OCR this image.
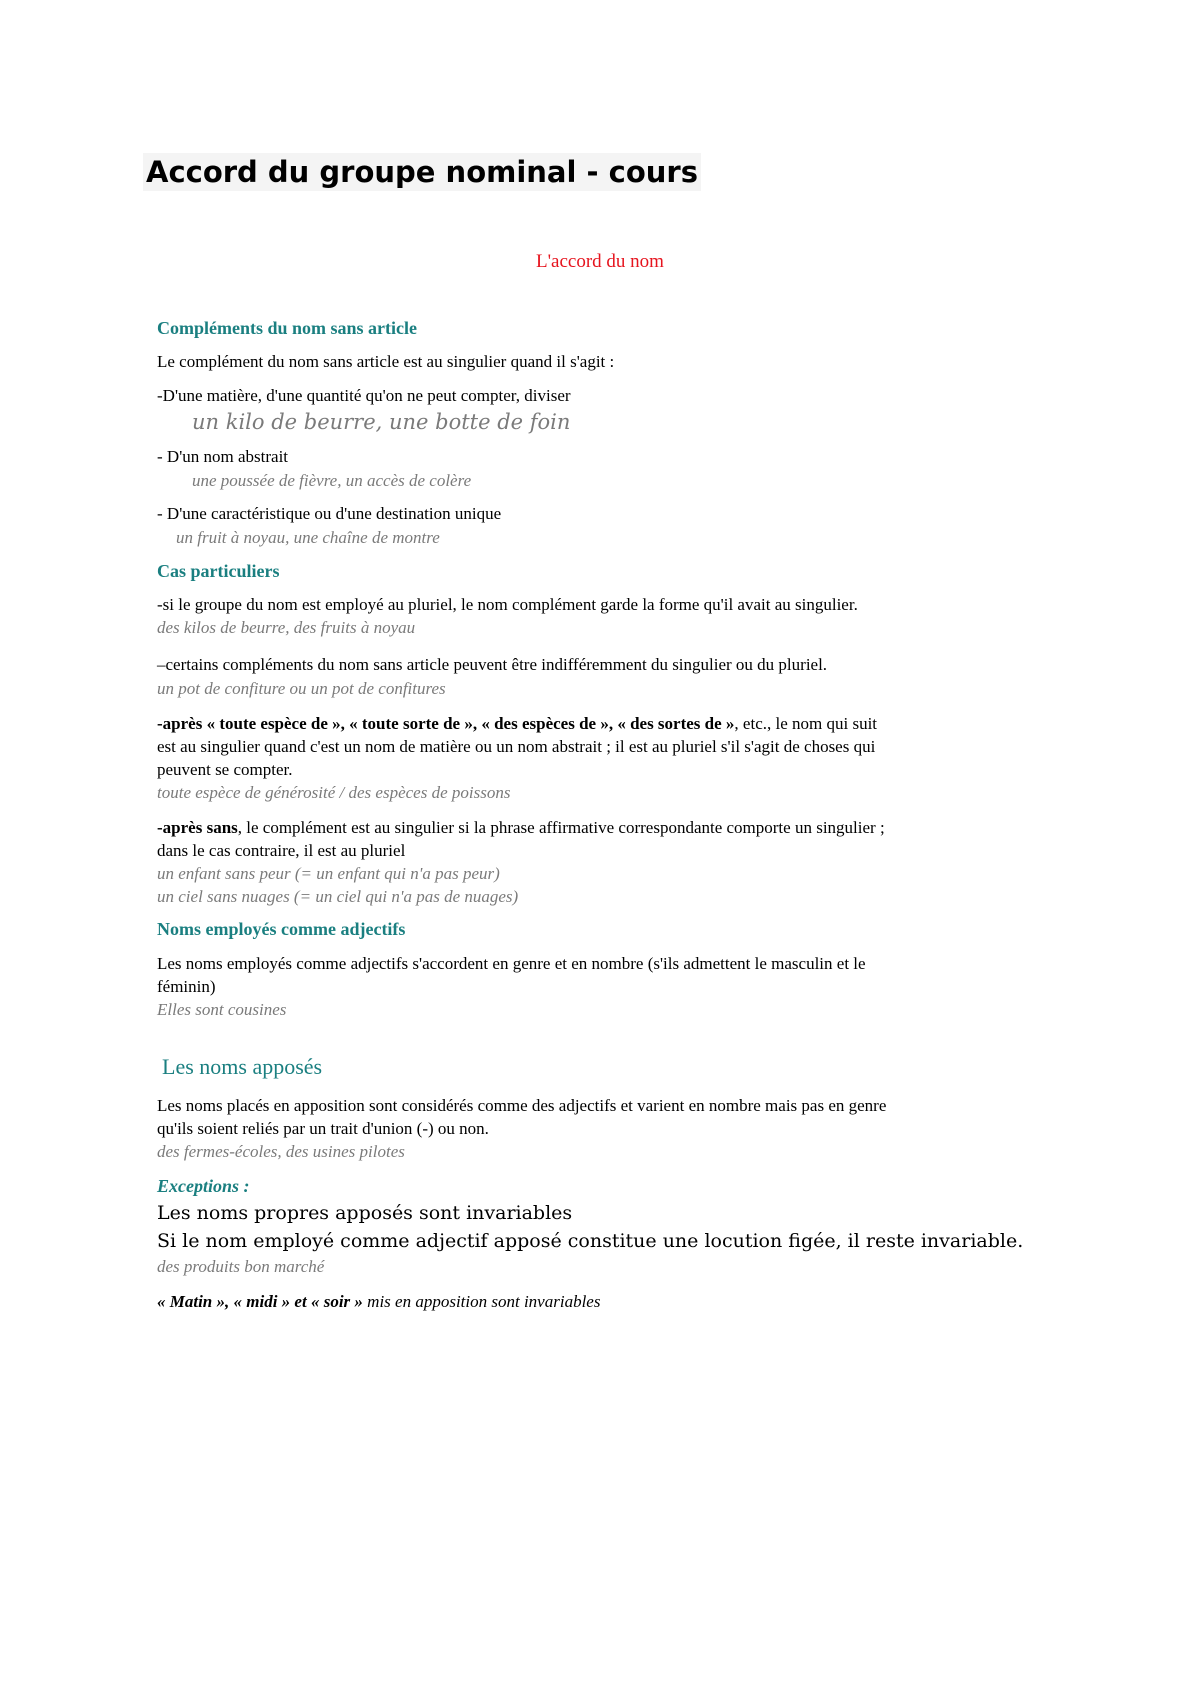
Accord du groupe nominal - cours
L'accord du nom
Compléments du nom sans article
Le complément du nom sans article est au singulier quand il s'agit :
-D'une matière, d'une quantité qu'on ne peut compter, diviser
un kilo de beurre, une botte de foin
- D'un nom abstrait
une poussée de fièvre, un accès de colère
- D'une caractéristique ou d'une destination unique
un fruit à noyau, une chaîne de montre
Cas particuliers
-si le groupe du nom est employé au pluriel, le nom complément garde la forme qu'il avait au singulier.
des kilos de beurre, des fruits à noyau
–certains compléments du nom sans article peuvent être indifféremment du singulier ou du pluriel.
un pot de confiture ou un pot de confitures
-après « toute espèce de », « toute sorte de », « des espèces de », « des sortes de », etc., le nom qui suit
est au singulier quand c'est un nom de matière ou un nom abstrait ; il est au pluriel s'il s'agit de choses qui
peuvent se compter.
toute espèce de générosité / des espèces de poissons
-après sans, le complément est au singulier si la phrase affirmative correspondante comporte un singulier ;
dans le cas contraire, il est au pluriel
un enfant sans peur (= un enfant qui n'a pas peur)
un ciel sans nuages (= un ciel qui n'a pas de nuages)
Noms employés comme adjectifs
Les noms employés comme adjectifs s'accordent en genre et en nombre (s'ils admettent le masculin et le
féminin)
Elles sont cousines
Les noms apposés
Les noms placés en apposition sont considérés comme des adjectifs et varient en nombre mais pas en genre
qu'ils soient reliés par un trait d'union (-) ou non.
des fermes-écoles, des usines pilotes
Exceptions :
Les noms propres apposés sont invariables
Si le nom employé comme adjectif apposé constitue une locution figée, il reste invariable.
des produits bon marché
« Matin », « midi » et « soir » mis en apposition sont invariables
